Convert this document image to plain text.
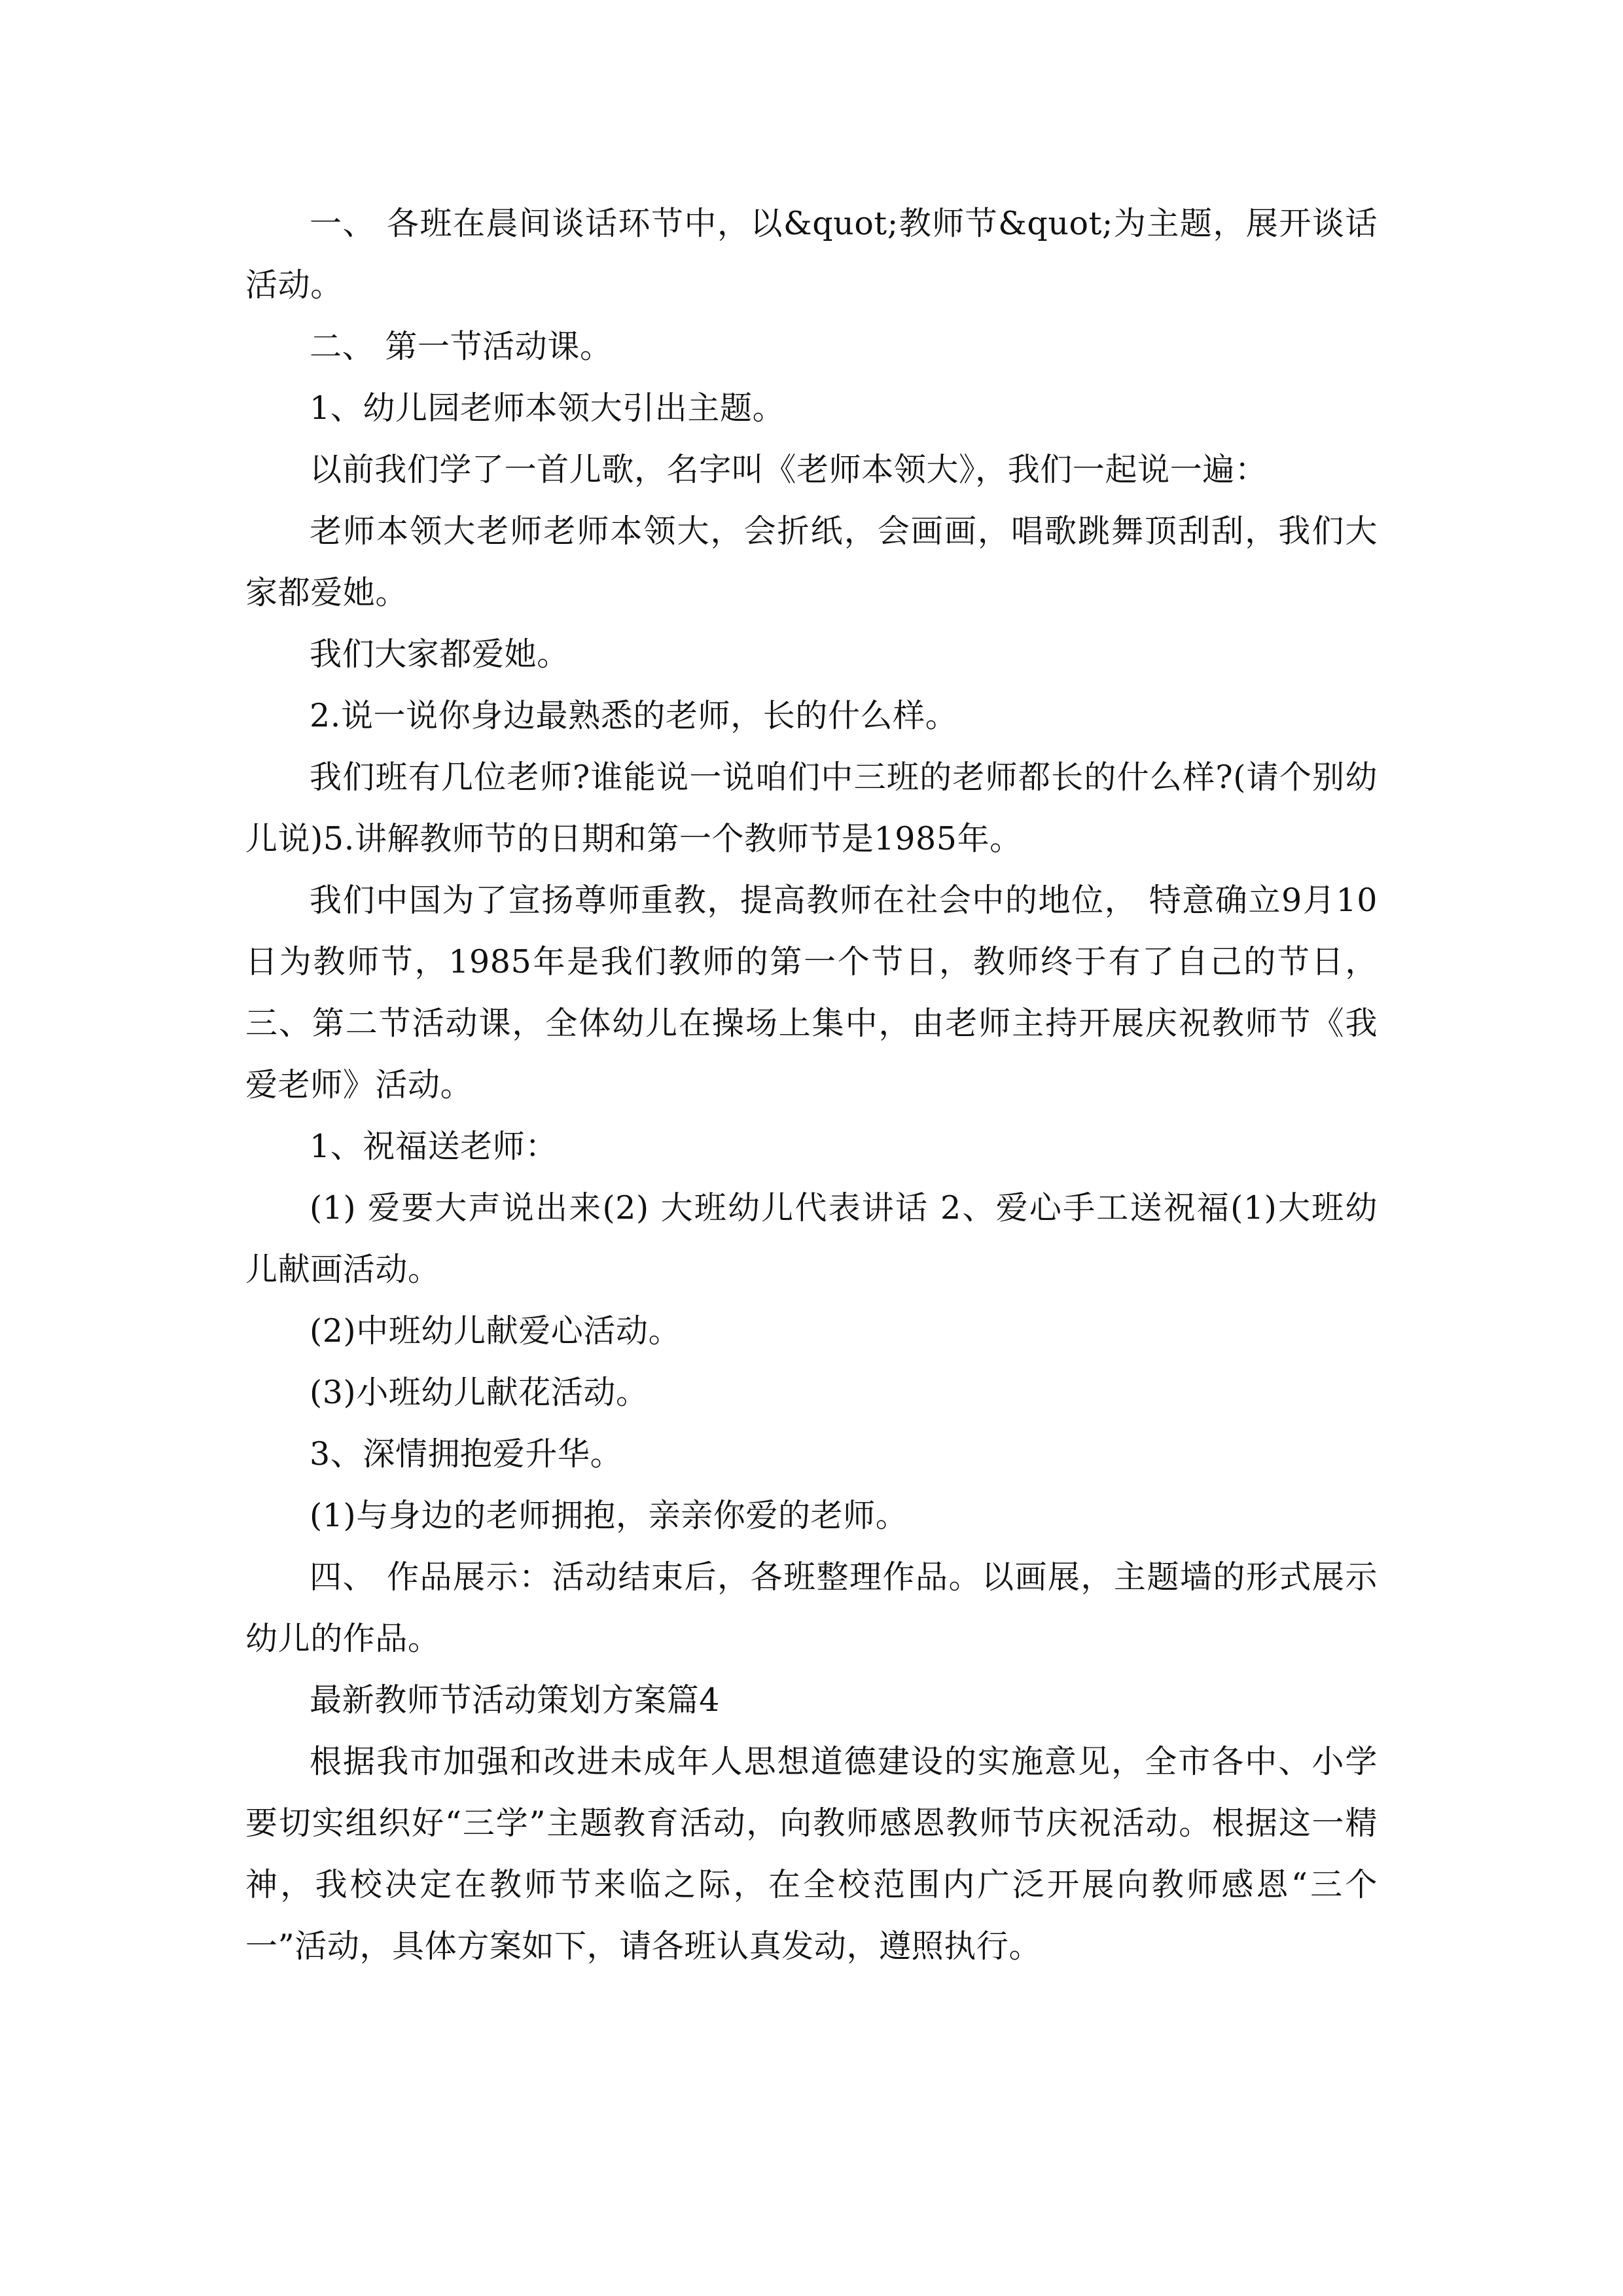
一、 各班在晨间谈话环节中，以&quot;教师节&quot;为主题，展开谈话活动。

二、 第一节活动课。

1、幼儿园老师本领大引出主题。

以前我们学了一首儿歌，名字叫《老师本领大》，我们一起说一遍：

老师本领大老师老师本领大，会折纸，会画画，唱歌跳舞顶刮刮，我们大家都爱她。

我们大家都爱她。

2.说一说你身边最熟悉的老师，长的什么样。

我们班有几位老师?谁能说一说咱们中三班的老师都长的什么样?(请个别幼儿说)5.讲解教师节的日期和第一个教师节是1985年。

我们中国为了宣扬尊师重教，提高教师在社会中的地位， 特意确立9月10日为教师节，1985年是我们教师的第一个节日，教师终于有了自己的节日，三、第二节活动课，全体幼儿在操场上集中，由老师主持开展庆祝教师节《我爱老师》活动。

1、祝福送老师：

(1) 爱要大声说出来(2) 大班幼儿代表讲话 2、爱心手工送祝福(1)大班幼儿献画活动。

(2)中班幼儿献爱心活动。

(3)小班幼儿献花活动。

3、深情拥抱爱升华。

(1)与身边的老师拥抱，亲亲你爱的老师。

四、 作品展示：活动结束后，各班整理作品。以画展，主题墙的形式展示幼儿的作品。

最新教师节活动策划方案篇4

根据我市加强和改进未成年人思想道德建设的实施意见，全市各中、小学要切实组织好“三学”主题教育活动，向教师感恩教师节庆祝活动。根据这一精神，我校决定在教师节来临之际，在全校范围内广泛开展向教师感恩“三个一”活动，具体方案如下，请各班认真发动，遵照执行。
